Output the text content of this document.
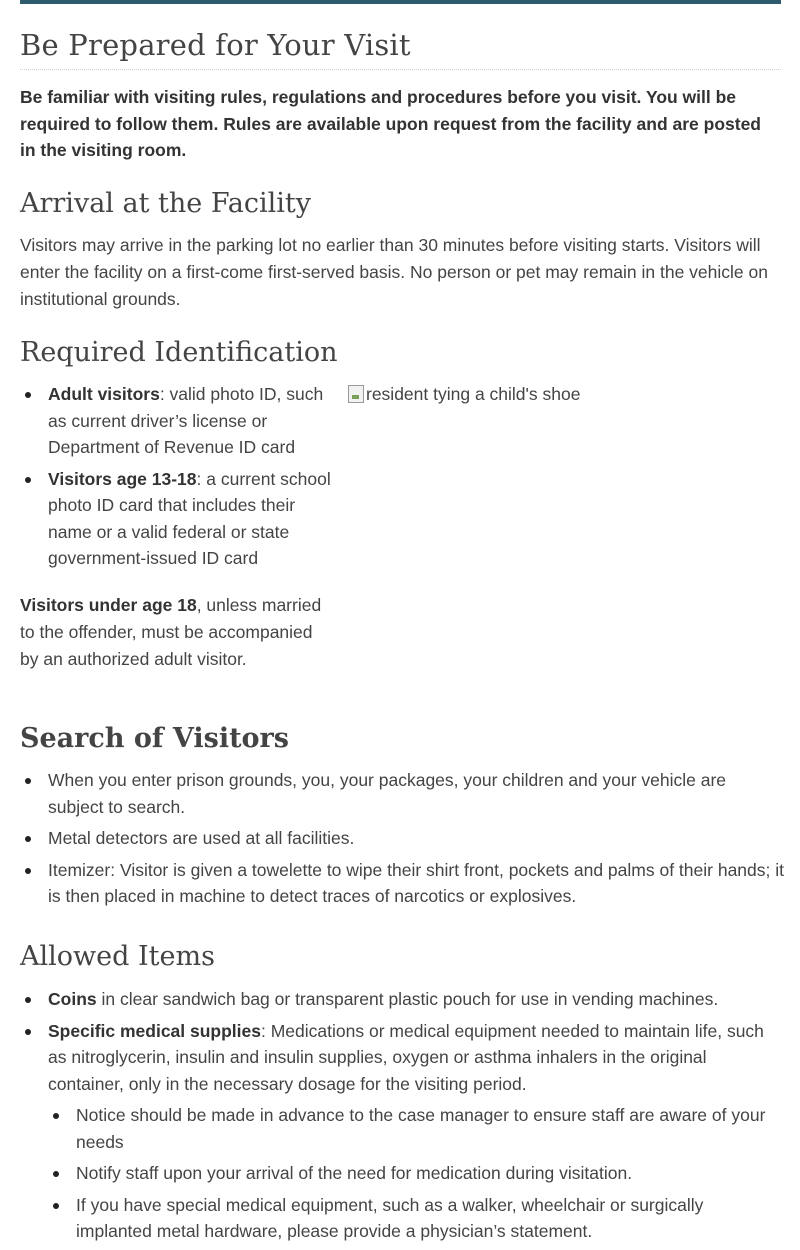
Be Prepared for Your Visit

Be familiar with visiting rules, regulations and procedures before you visit. You will be required to follow them. Rules are available upon request from the facility and are posted in the visiting room.

Arrival at the Facility

Visitors may arrive in the parking lot no earlier than 30 minutes before visiting starts. Visitors will enter the facility on a first-come first-served basis. No person or pet may remain in the vehicle on institutional grounds.

Required Identification
Adult visitors: valid photo ID, such as current driver’s license or Department of Revenue ID card
Visitors age 13-18: a current school photo ID card that includes their name or a valid federal or state government-issued ID card
resident tying a child's shoe

Visitors under age 18, unless married to the offender, must be accompanied by an authorized adult visitor.

Search of Visitors
When you enter prison grounds, you, your packages, your children and your vehicle are subject to search.
Metal detectors are used at all facilities.
Itemizer: Visitor is given a towelette to wipe their shirt front, pockets and palms of their hands; it is then placed in machine to detect traces of narcotics or explosives.
Allowed Items
Coins in clear sandwich bag or transparent plastic pouch for use in vending machines.
Specific medical supplies: Medications or medical equipment needed to maintain life, such as nitroglycerin, insulin and insulin supplies, oxygen or asthma inhalers in the original container, only in the necessary dosage for the visiting period.
Notice should be made in advance to the case manager to ensure staff are aware of your needs
Notify staff upon your arrival of the need for medication during visitation.
If you have special medical equipment, such as a walker, wheelchair or surgically implanted metal hardware, please provide a physician’s statement.
